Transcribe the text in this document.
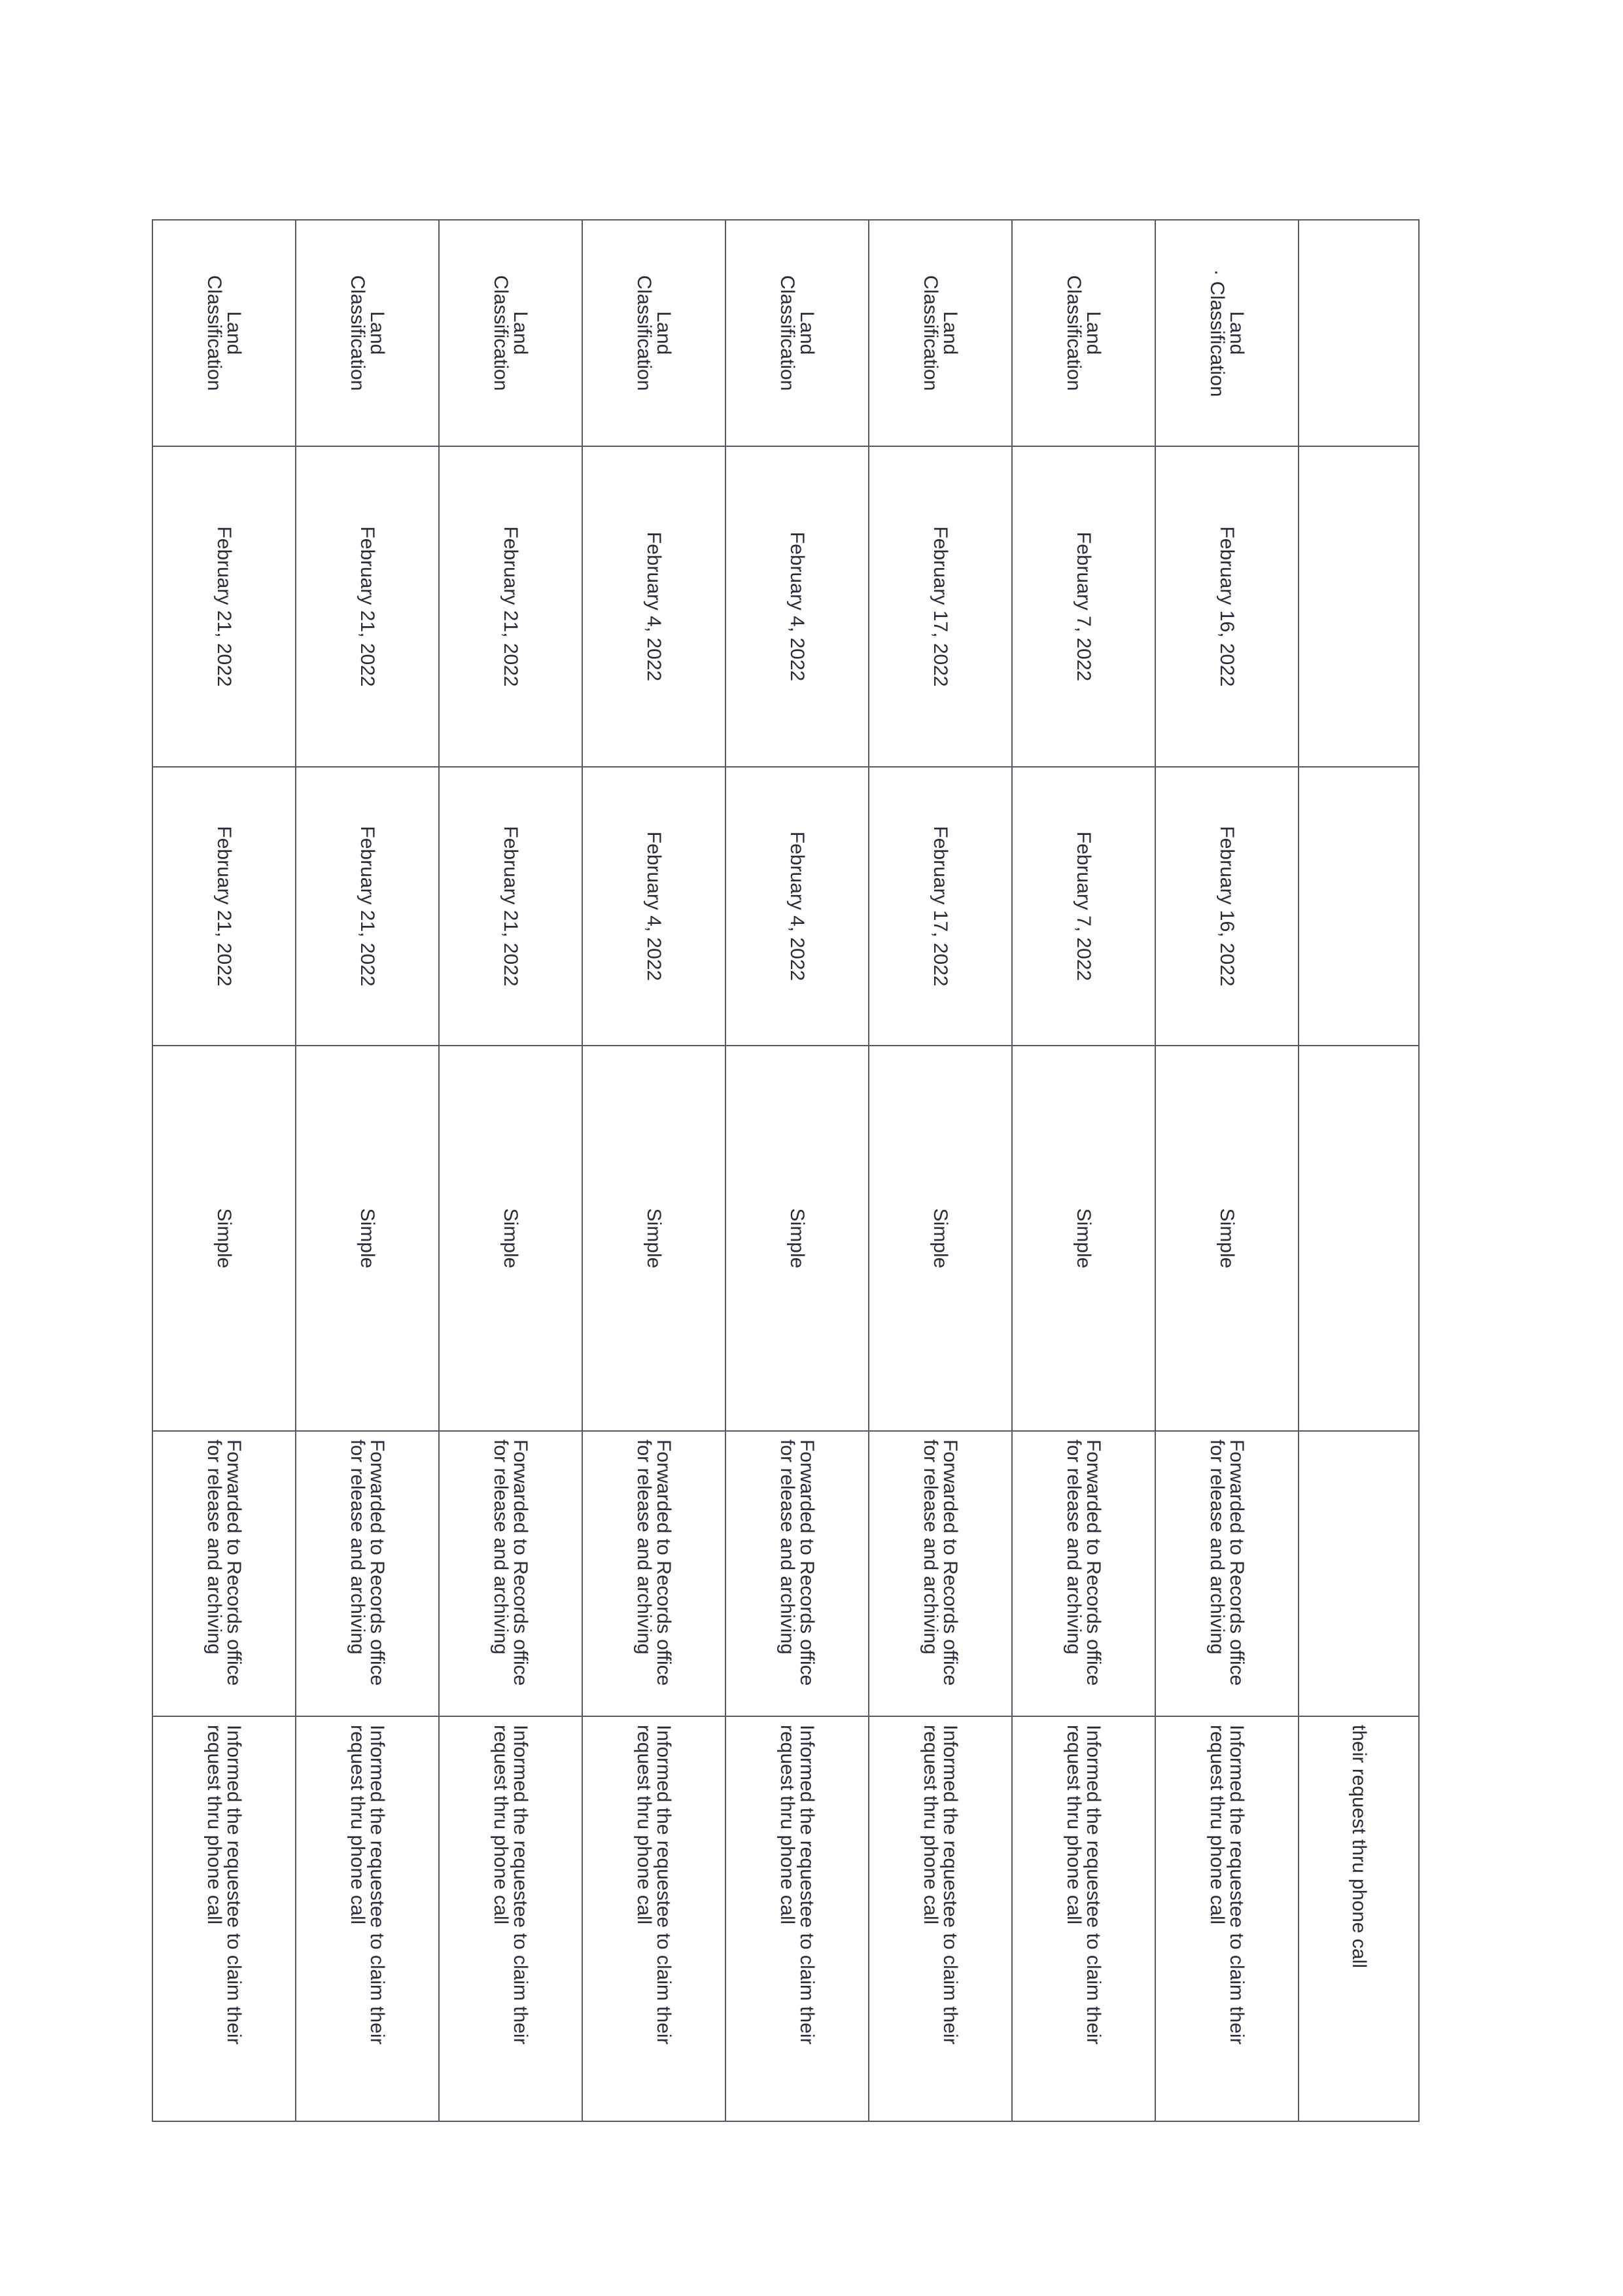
					their request thru phone call

Land
· Classification	February 16, 2022	February 16, 2022	Simple	Forwarded to Records office for release and archiving	Informed the requestee to claim their request thru phone call

Land
Classification	February 7, 2022	February 7, 2022	Simple	Forwarded to Records office for release and archiving	Informed the requestee to claim their request thru phone call

Land
Classification	February 17, 2022	February 17, 2022	Simple	Forwarded to Records office for release and archiving	Informed the requestee to claim their request thru phone call

Land
Classification	February 4, 2022	February 4, 2022	Simple	Forwarded to Records office for release and archiving	Informed the requestee to claim their request thru phone call

Land
Classification	February 4, 2022	February 4, 2022	Simple	Forwarded to Records office for release and archiving	Informed the requestee to claim their request thru phone call

Land
Classification	February 21, 2022	February 21, 2022	Simple	Forwarded to Records office for release and archiving	Informed the requestee to claim their request thru phone call

Land
Classification	February 21, 2022	February 21, 2022	Simple	Forwarded to Records office for release and archiving	Informed the requestee to claim their request thru phone call

Land
Classification	February 21, 2022	February 21, 2022	Simple	Forwarded to Records office for release and archiving	Informed the requestee to claim their request thru phone call
